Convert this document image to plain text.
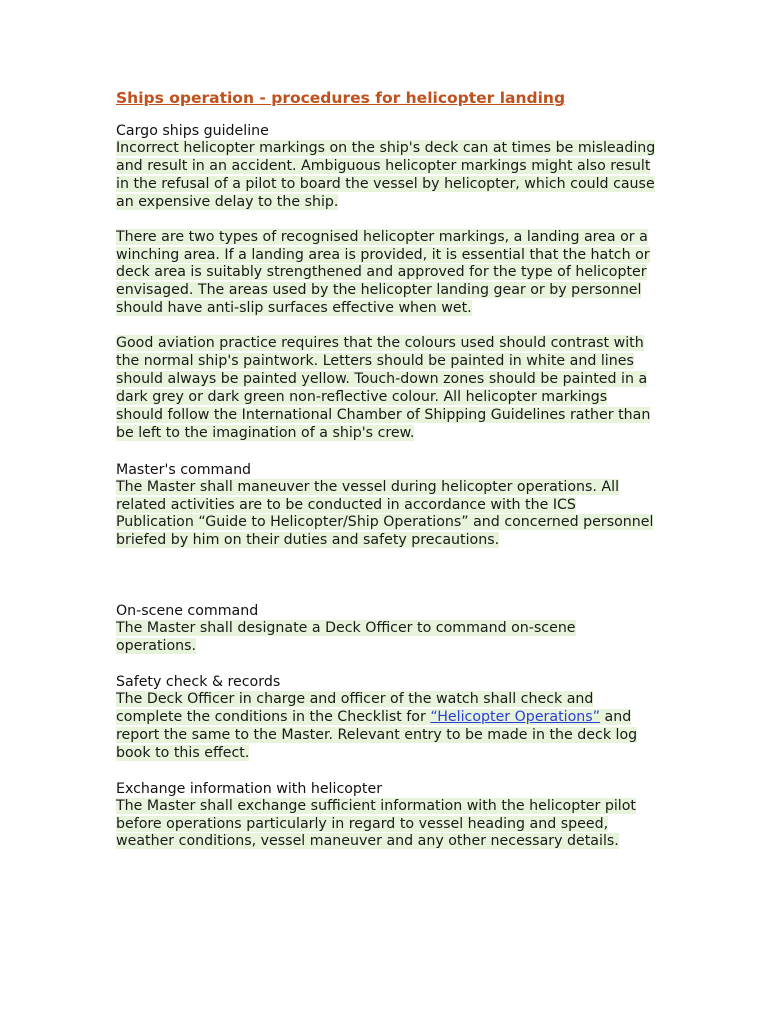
Ships operation - procedures for helicopter landing
Cargo ships guideline

Incorrect helicopter markings on the ship's deck can at times be misleading and result in an accident. Ambiguous helicopter markings might also result in the refusal of a pilot to board the vessel by helicopter, which could cause an expensive delay to the ship.

There are two types of recognised helicopter markings, a landing area or a winching area. If a landing area is provided, it is essential that the hatch or deck area is suitably strengthened and approved for the type of helicopter envisaged. The areas used by the helicopter landing gear or by personnel should have anti-slip surfaces effective when wet.

Good aviation practice requires that the colours used should contrast with the normal ship's paintwork. Letters should be painted in white and lines should always be painted yellow. Touch-down zones should be painted in a dark grey or dark green non-reflective colour. All helicopter markings should follow the International Chamber of Shipping Guidelines rather than be left to the imagination of a ship's crew.

Master's command

The Master shall maneuver the vessel during helicopter operations. All related activities are to be conducted in accordance with the ICS Publication “Guide to Helicopter/Ship Operations” and concerned personnel briefed by him on their duties and safety precautions.

On-scene command

The Master shall designate a Deck Officer to command on-scene operations.

Safety check & records

The Deck Officer in charge and officer of the watch shall check and complete the conditions in the Checklist for “Helicopter Operations” and report the same to the Master. Relevant entry to be made in the deck log book to this effect.

Exchange information with helicopter

The Master shall exchange sufficient information with the helicopter pilot before operations particularly in regard to vessel heading and speed, weather conditions, vessel maneuver and any other necessary details.
